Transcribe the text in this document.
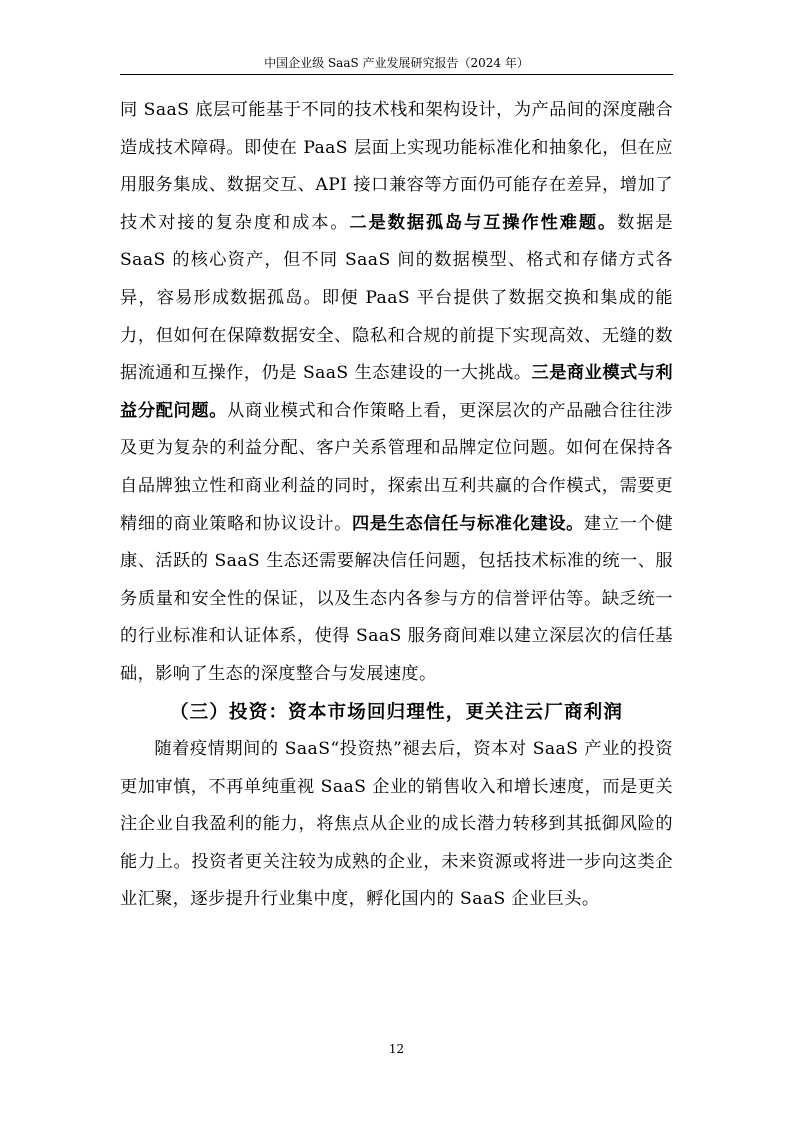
中国企业级 SaaS 产业发展研究报告（2024 年）

同 SaaS 底层可能基于不同的技术栈和架构设计，为产品间的深度融合造成技术障碍。即使在 PaaS 层面上实现功能标准化和抽象化，但在应用服务集成、数据交互、API 接口兼容等方面仍可能存在差异，增加了技术对接的复杂度和成本。二是数据孤岛与互操作性难题。数据是 SaaS 的核心资产，但不同 SaaS 间的数据模型、格式和存储方式各异，容易形成数据孤岛。即便 PaaS 平台提供了数据交换和集成的能力，但如何在保障数据安全、隐私和合规的前提下实现高效、无缝的数据流通和互操作，仍是 SaaS 生态建设的一大挑战。三是商业模式与利益分配问题。从商业模式和合作策略上看，更深层次的产品融合往往涉及更为复杂的利益分配、客户关系管理和品牌定位问题。如何在保持各自品牌独立性和商业利益的同时，探索出互利共赢的合作模式，需要更精细的商业策略和协议设计。四是生态信任与标准化建设。建立一个健康、活跃的 SaaS 生态还需要解决信任问题，包括技术标准的统一、服务质量和安全性的保证，以及生态内各参与方的信誉评估等。缺乏统一的行业标准和认证体系，使得 SaaS 服务商间难以建立深层次的信任基础，影响了生态的深度整合与发展速度。

（三）投资：资本市场回归理性，更关注云厂商利润

随着疫情期间的 SaaS“投资热”褪去后，资本对 SaaS 产业的投资更加审慎，不再单纯重视 SaaS 企业的销售收入和增长速度，而是更关注企业自我盈利的能力，将焦点从企业的成长潜力转移到其抵御风险的能力上。投资者更关注较为成熟的企业，未来资源或将进一步向这类企业汇聚，逐步提升行业集中度，孵化国内的 SaaS 企业巨头。

12
